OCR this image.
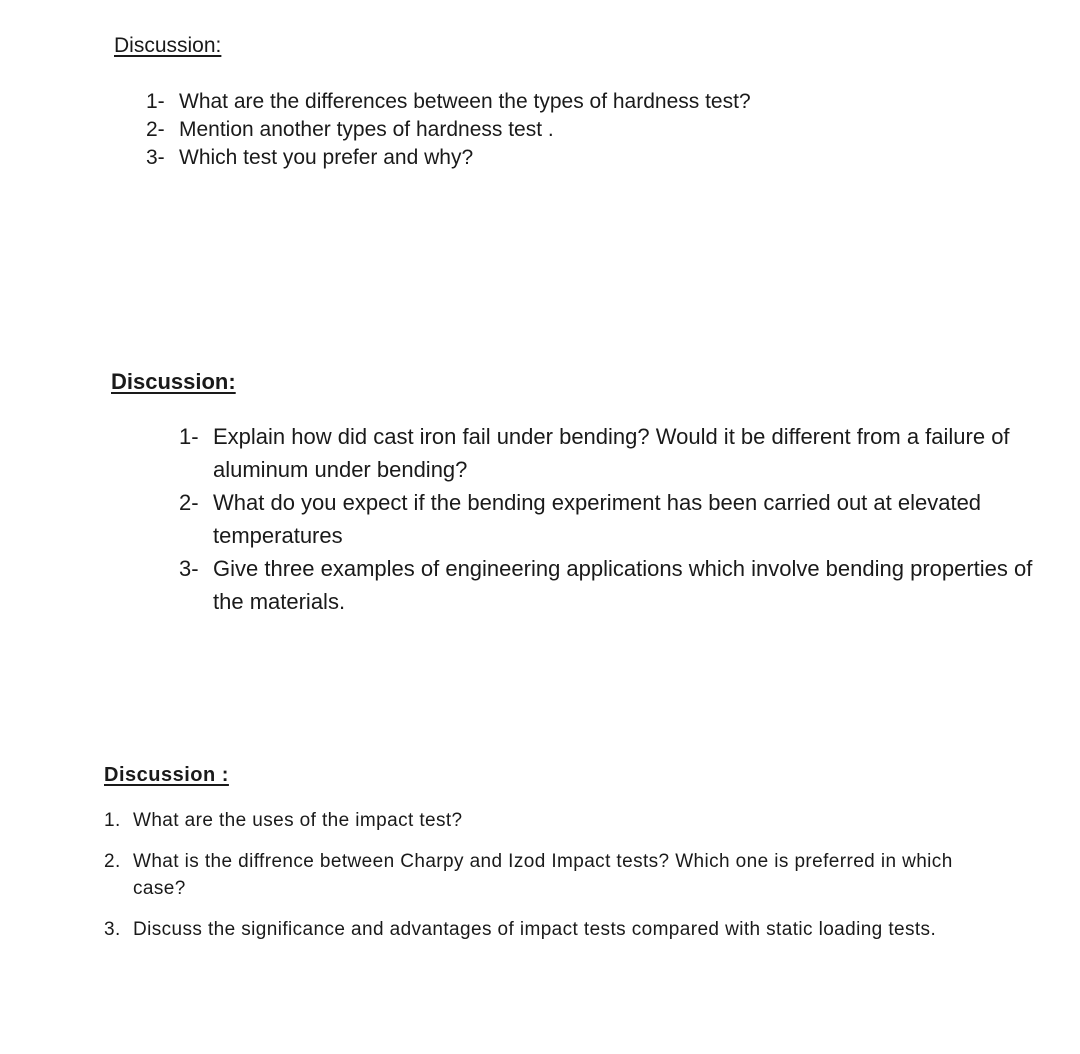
Discussion:
1- What are the differences between the types of hardness test?
2- Mention another types of hardness test .
3- Which test you prefer and why?
Discussion:
1- Explain how did cast iron fail under bending? Would it be different from a failure of aluminum under bending?
2- What do you expect if the bending experiment has been carried out at elevated temperatures
3- Give three examples of engineering applications which involve bending properties of the materials.
Discussion :
1. What are the uses of the impact test?
2. What is the diffrence between Charpy and Izod Impact tests? Which one is preferred in which case?
3. Discuss the significance and advantages of impact tests compared with static loading tests.
